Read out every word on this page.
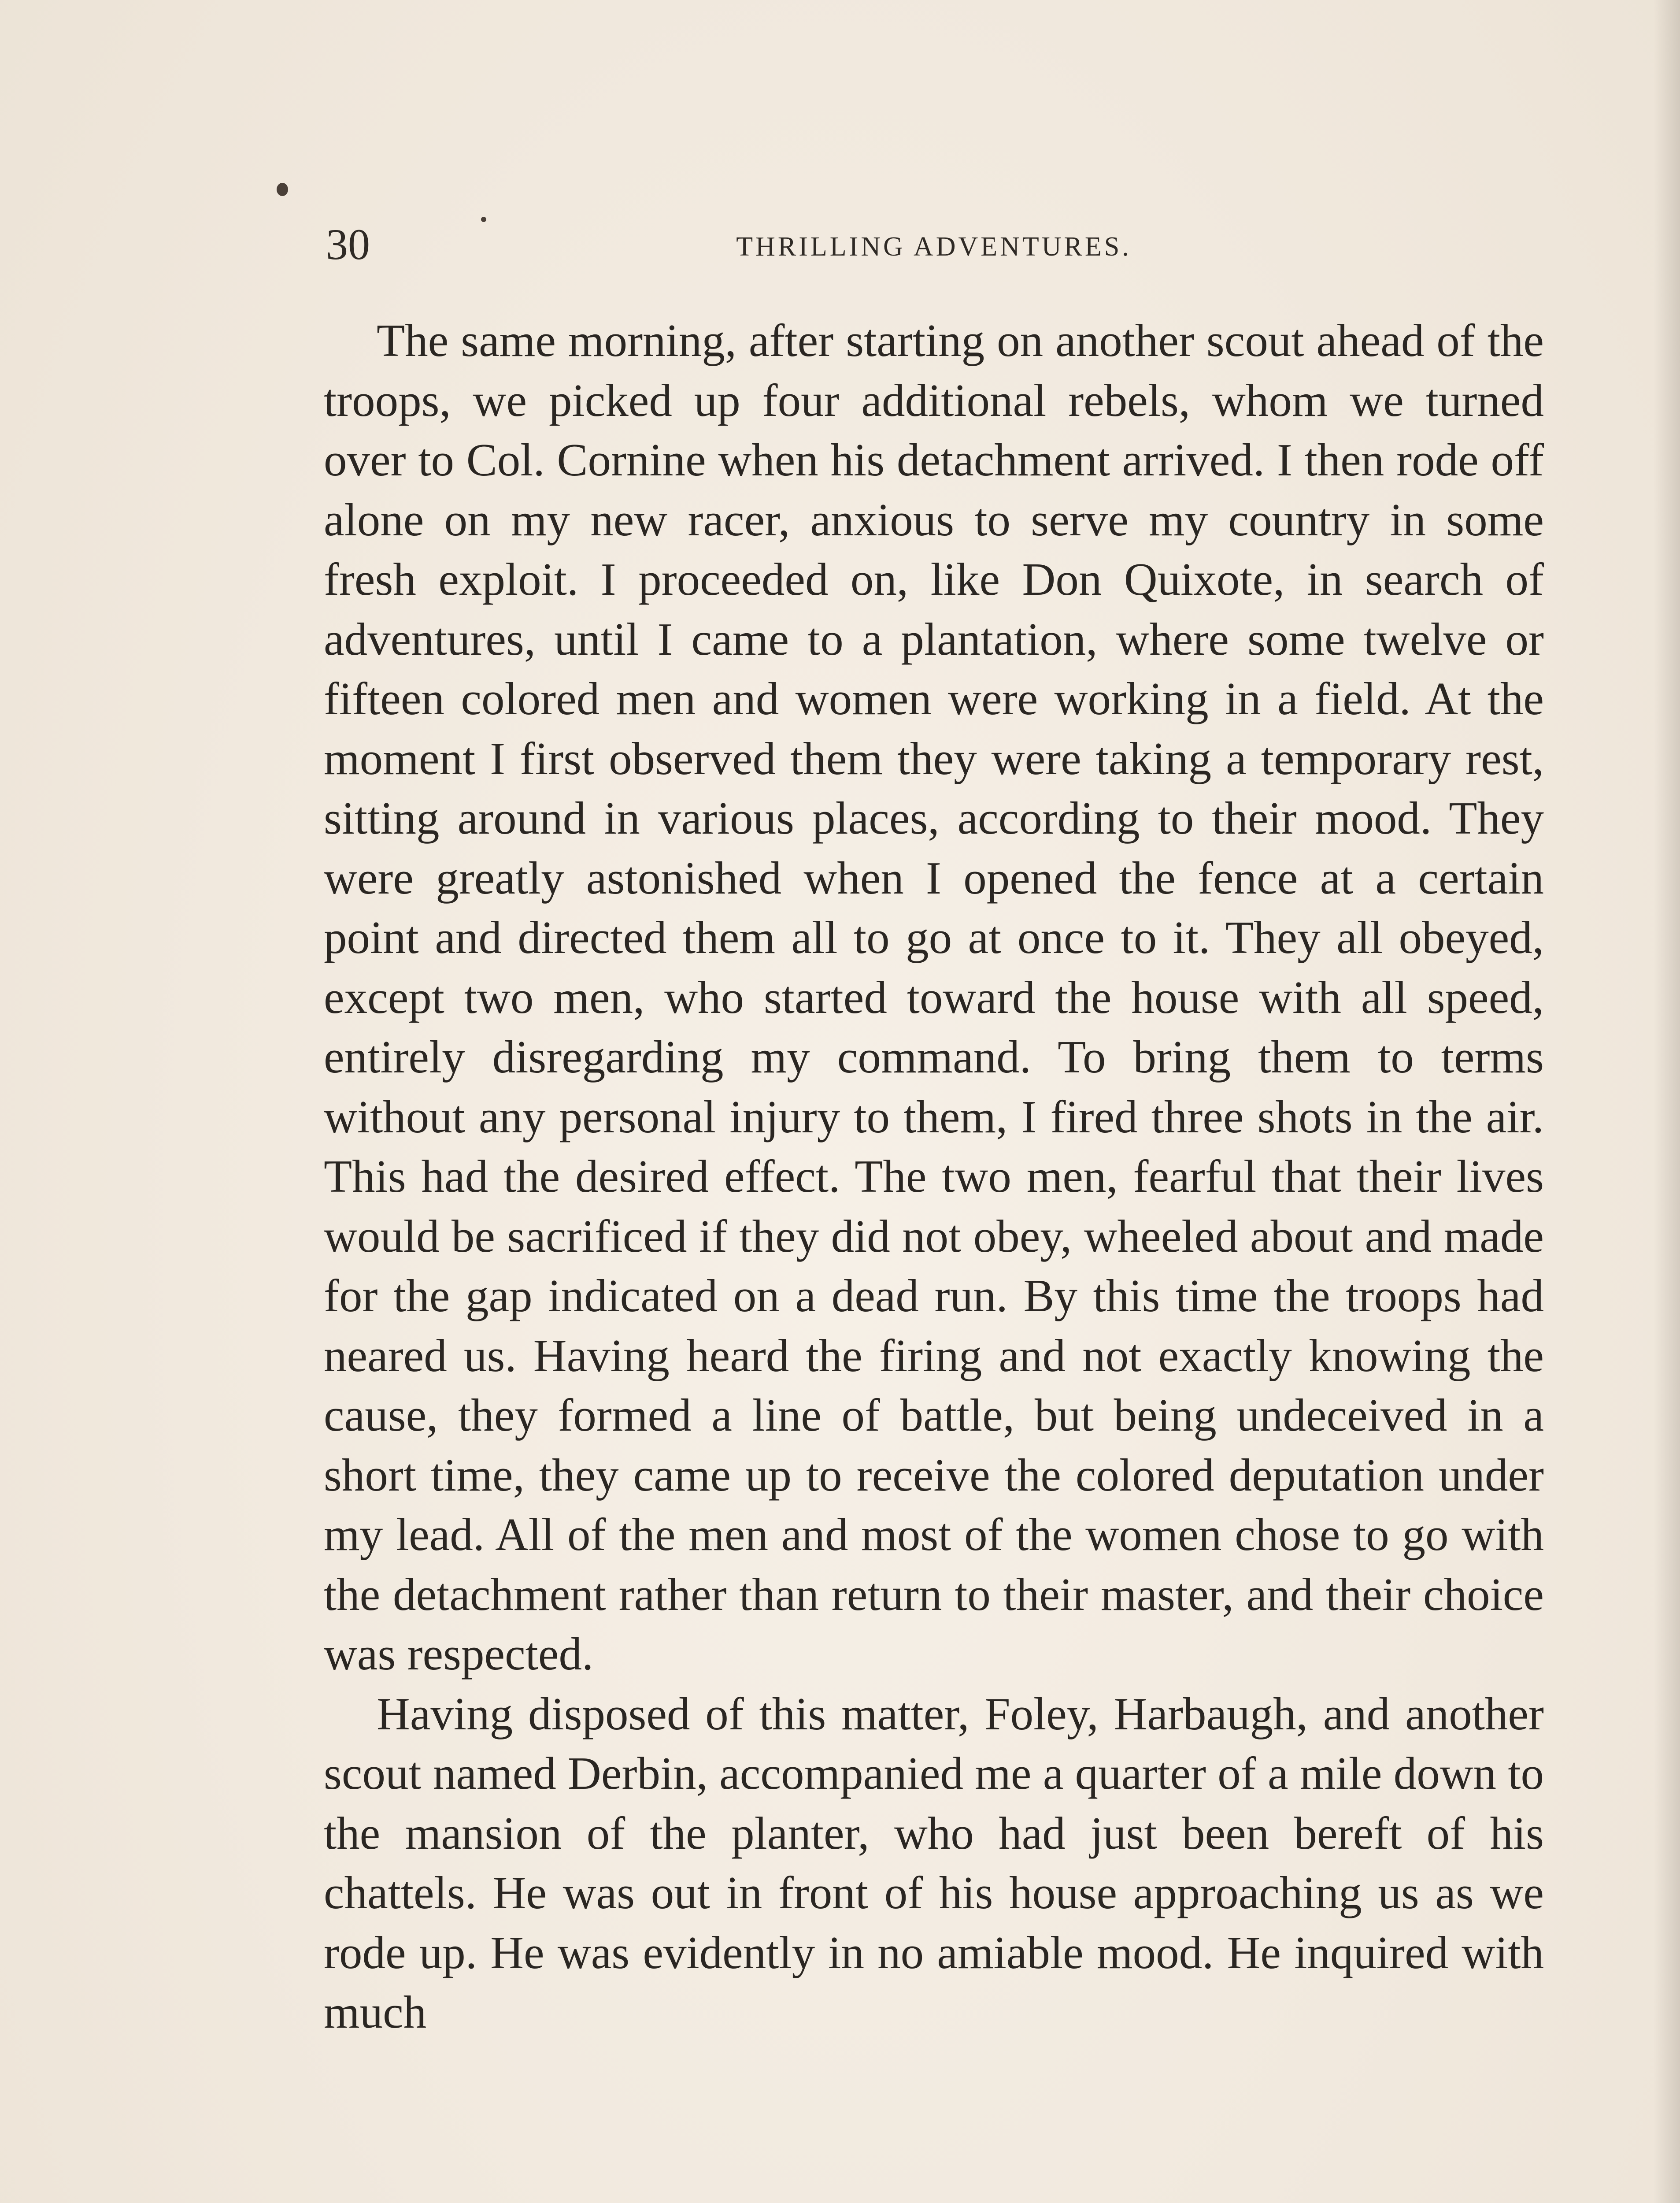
30	THRILLING ADVENTURES.

The same morning, after starting on another scout ahead of the troops, we picked up four additional rebels, whom we turned over to Col. Cornine when his detachment arrived. I then rode off alone on my new racer, anxious to serve my country in some fresh exploit. I proceeded on, like Don Quixote, in search of adventures, until I came to a plantation, where some twelve or fifteen colored men and women were working in a field. At the moment I first observed them they were taking a temporary rest, sitting around in various places, according to their mood. They were greatly astonished when I opened the fence at a certain point and directed them all to go at once to it. They all obeyed, except two men, who started toward the house with all speed, entirely disregarding my command. To bring them to terms without any personal injury to them, I fired three shots in the air. This had the desired effect. The two men, fearful that their lives would be sacrificed if they did not obey, wheeled about and made for the gap indicated on a dead run. By this time the troops had neared us. Having heard the firing and not exactly knowing the cause, they formed a line of battle, but being undeceived in a short time, they came up to receive the colored deputation under my lead. All of the men and most of the women chose to go with the detachment rather than return to their master, and their choice was respected.

Having disposed of this matter, Foley, Harbaugh, and another scout named Derbin, accompanied me a quarter of a mile down to the mansion of the planter, who had just been bereft of his chattels. He was out in front of his house approaching us as we rode up. He was evidently in no amiable mood. He inquired with much
